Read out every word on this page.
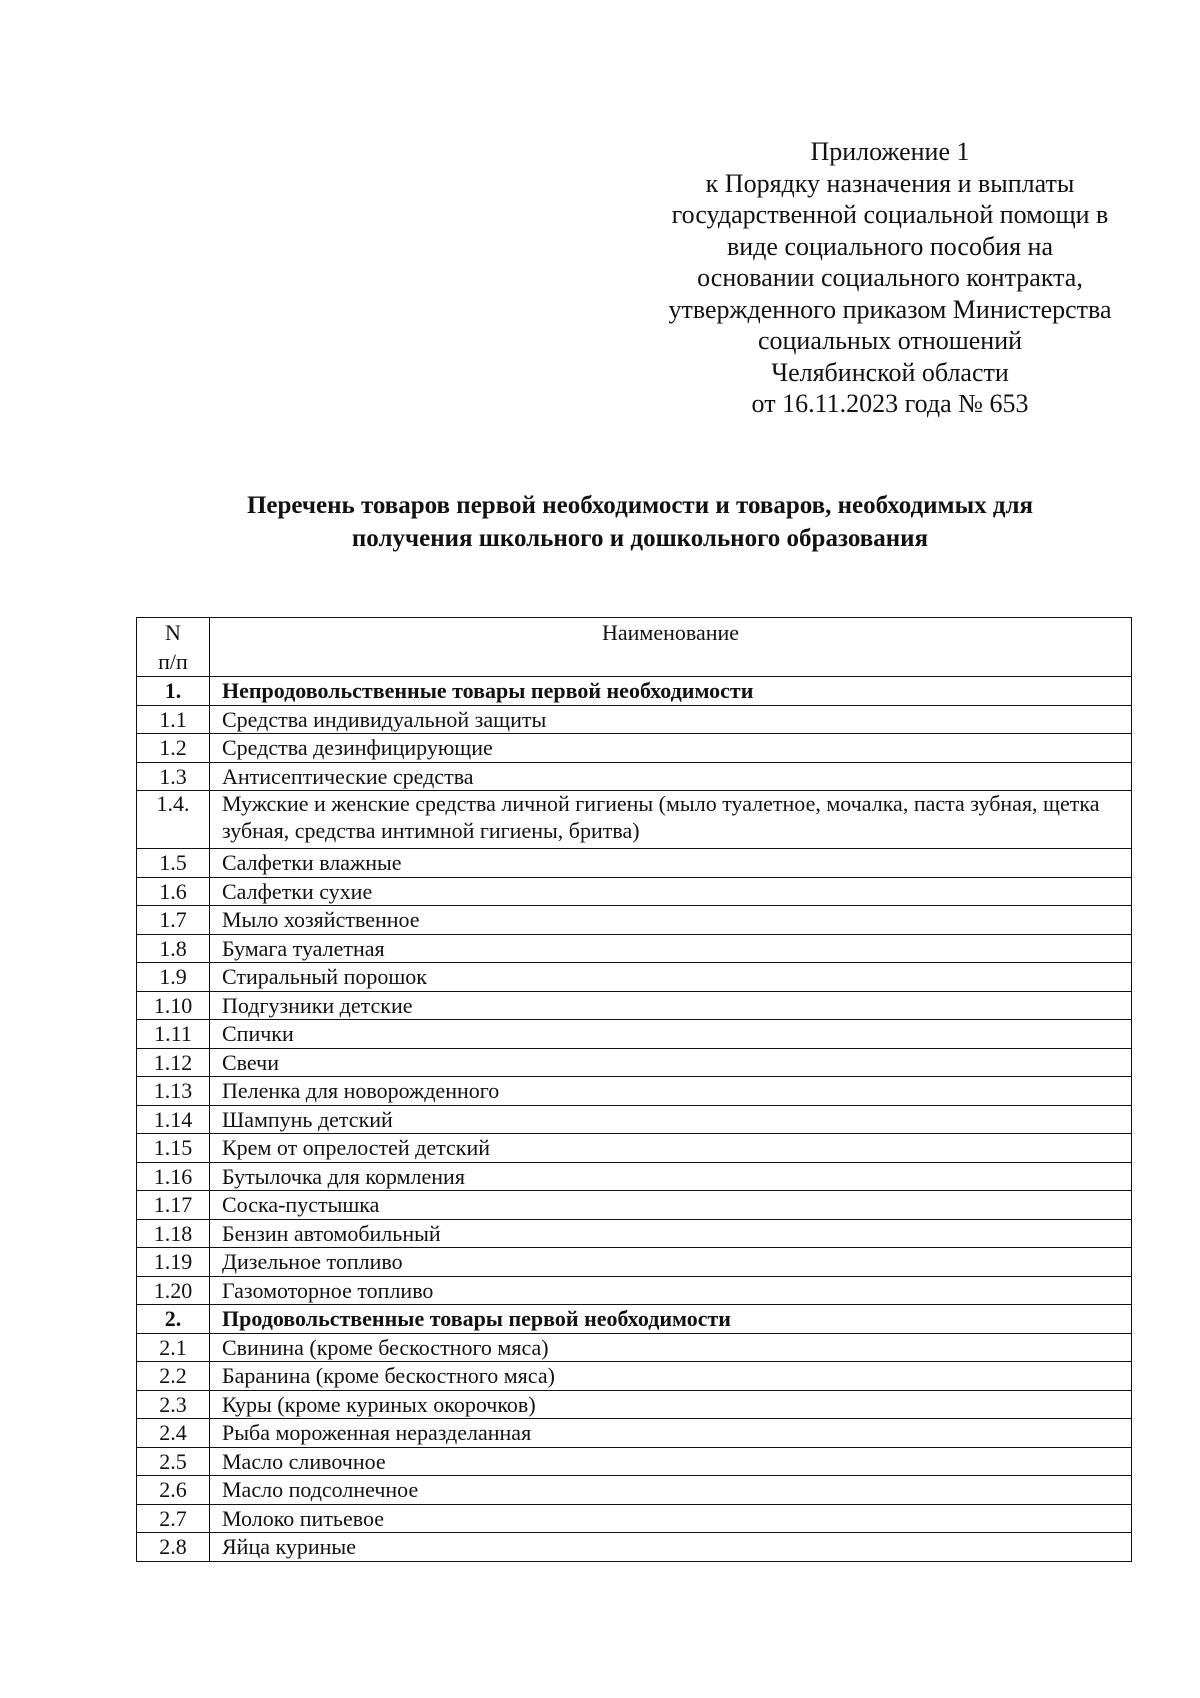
Приложение 1
к Порядку назначения и выплаты
государственной социальной помощи в
виде социального пособия на
основании социального контракта,
утвержденного приказом Министерства
социальных отношений
Челябинской области
от 16.11.2023 года № 653
Перечень товаров первой необходимости и товаров, необходимых для
получения школьного и дошкольного образования
N
п/п	Наименование
1.	Непродовольственные товары первой необходимости
1.1	Средства индивидуальной защиты
1.2	Средства дезинфицирующие
1.3	Антисептические средства
1.4.	Мужские и женские средства личной гигиены (мыло туалетное, мочалка, паста зубная, щетка зубная, средства интимной гигиены, бритва)
1.5	Салфетки влажные
1.6	Салфетки сухие
1.7	Мыло хозяйственное
1.8	Бумага туалетная
1.9	Стиральный порошок
1.10	Подгузники детские
1.11	Спички
1.12	Свечи
1.13	Пеленка для новорожденного
1.14	Шампунь детский
1.15	Крем от опрелостей детский
1.16	Бутылочка для кормления
1.17	Соска-пустышка
1.18	Бензин автомобильный
1.19	Дизельное топливо
1.20	Газомоторное топливо
2.	Продовольственные товары первой необходимости
2.1	Свинина (кроме бескостного мяса)
2.2	Баранина (кроме бескостного мяса)
2.3	Куры (кроме куриных окорочков)
2.4	Рыба мороженная неразделанная
2.5	Масло сливочное
2.6	Масло подсолнечное
2.7	Молоко питьевое
2.8	Яйца куриные
